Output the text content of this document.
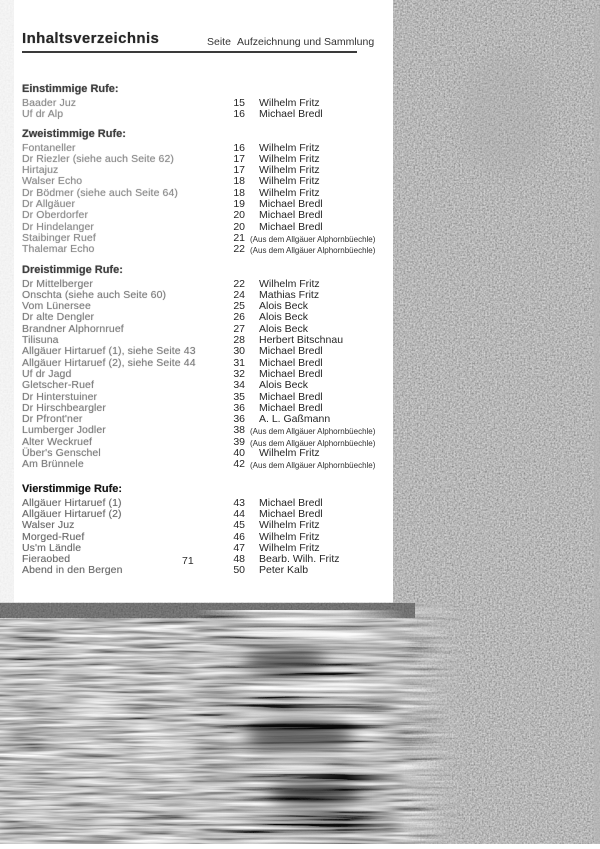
Inhaltsverzeichnis	Seite Aufzeichnung und Sammlung
Einstimmige Rufe:
Baader Juz	15 Wilhelm Fritz
Uf dr Alp	16 Michael Bredl
Zweistimmige Rufe:
Fontaneller	16 Wilhelm Fritz
Dr Riezler (siehe auch Seite 62)	17 Wilhelm Fritz
Hirtajuz	17 Wilhelm Fritz
Walser Echo	18 Wilhelm Fritz
Dr Bödmer (siehe auch Seite 64)	18 Wilhelm Fritz
Dr Allgäuer	19 Michael Bredl
Dr Oberdorfer	20 Michael Bredl
Dr Hindelanger	20 Michael Bredl
Staibinger Ruef	21 (Aus dem Allgäuer Alphornbüechle)
Thalemar Echo	22 (Aus dem Allgäuer Alphornbüechle)
Dreistimmige Rufe:
Dr Mittelberger	22 Wilhelm Fritz
Onschta (siehe auch Seite 60)	24 Mathias Fritz
Vom Lünersee	25 Alois Beck
Dr alte Dengler	26 Alois Beck
Brandner Alphornruef	27 Alois Beck
Tilisuna	28 Herbert Bitschnau
Allgäuer Hirtaruef (1), siehe Seite 43	30 Michael Bredl
Allgäuer Hirtaruef (2), siehe Seite 44	31 Michael Bredl
Uf dr Jagd	32 Michael Bredl
Gletscher-Ruef	34 Alois Beck
Dr Hinterstuiner	35 Michael Bredl
Dr Hirschbeargler	36 Michael Bredl
Dr Pfront'ner	36 A. L. Gaßmann
Lumberger Jodler	38 (Aus dem Allgäuer Alphornbüechle)
Alter Weckruef	39 (Aus dem Allgäuer Alphornbüechle)
Über's Genschel	40 Wilhelm Fritz
Am Brünnele	42 (Aus dem Allgäuer Alphornbüechle)
Vierstimmige Rufe:
Allgäuer Hirtaruef (1)	43 Michael Bredl
Allgäuer Hirtaruef (2)	44 Michael Bredl
Walser Juz	45 Wilhelm Fritz
Morged-Ruef	46 Wilhelm Fritz
Us'm Ländle	47 Wilhelm Fritz
Fieraobed	48 Bearb. Wilh. Fritz
Abend in den Bergen	50 Peter Kalb
71
